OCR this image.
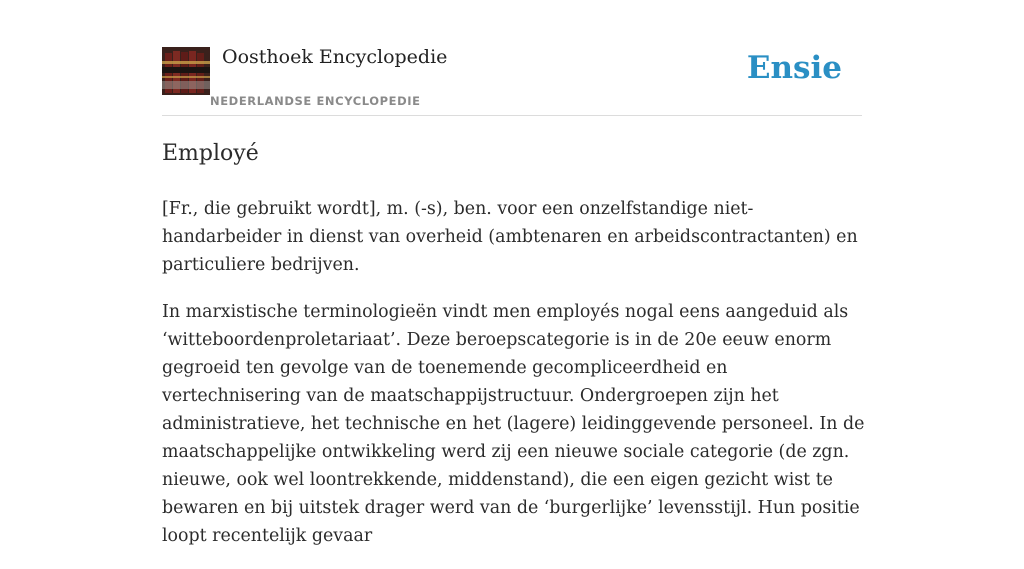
Oosthoek Encyclopedie
NEDERLANDSE ENCYCLOPEDIE
Ensie
Employé

[Fr., die gebruikt wordt], m. (-s), ben. voor een onzelfstandige niet-handarbeider in dienst van overheid (ambtenaren en arbeidscontractanten) en particuliere bedrijven.

In marxistische terminologieën vindt men employés nogal eens aangeduid als ‘witteboordenproletariaat’. Deze beroepscategorie is in de 20e eeuw enorm gegroeid ten gevolge van de toenemende gecompliceerdheid en vertechnisering van de maatschappijstructuur. Ondergroepen zijn het administratieve, het technische en het (lagere) leidinggevende personeel. In de maatschappelijke ontwikkeling werd zij een nieuwe sociale categorie (de zgn. nieuwe, ook wel loontrekkende, middenstand), die een eigen gezicht wist te bewaren en bij uitstek drager werd van de ‘burgerlijke’ levensstijl. Hun positie loopt recentelijk gevaar
